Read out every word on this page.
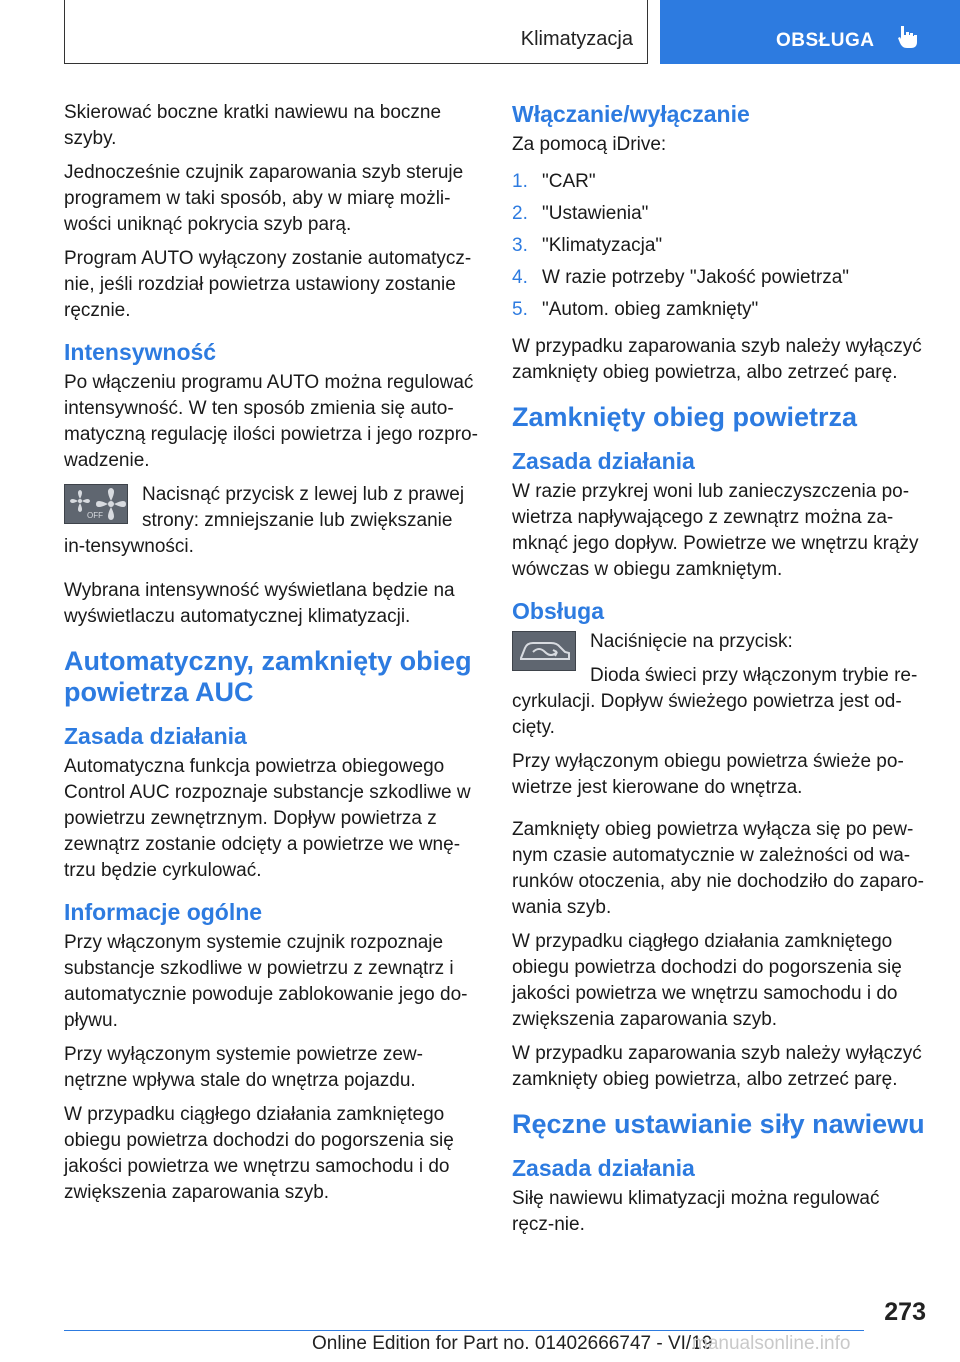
Klimatyzacja	OBSŁUGA

Skierować boczne kratki nawiewu na boczne szyby.

Jednocześnie czujnik zaparowania szyb steruje programem w taki sposób, aby w miarę możli-wości uniknąć pokrycia szyb parą.

Program AUTO wyłączony zostanie automatycz-nie, jeśli rozdział powietrza ustawiony zostanie ręcznie.

Intensywność

Po włączeniu programu AUTO można regulować intensywność. W ten sposób zmienia się auto-matyczną regulację ilości powietrza i jego rozpro-wadzenie.

OFF

Nacisnąć przycisk z lewej lub z prawej strony: zmniejszanie lub zwiększanie in-tensywności.

Wybrana intensywność wyświetlana będzie na wyświetlaczu automatycznej klimatyzacji.

Automatyczny, zamknięty obieg powietrza AUC
Zasada działania

Automatyczna funkcja powietrza obiegowego Control AUC rozpoznaje substancje szkodliwe w powietrzu zewnętrznym. Dopływ powietrza z zewnątrz zostanie odcięty a powietrze we wnę-trzu będzie cyrkulować.

Informacje ogólne

Przy włączonym systemie czujnik rozpoznaje substancje szkodliwe w powietrzu z zewnątrz i automatycznie powoduje zablokowanie jego do-pływu.

Przy wyłączonym systemie powietrze zew-nętrzne wpływa stale do wnętrza pojazdu.

W przypadku ciągłego działania zamkniętego obiegu powietrza dochodzi do pogorszenia się jakości powietrza we wnętrzu samochodu i do zwiększenia zaparowania szyb.

Włączanie/wyłączanie

Za pomocą iDrive:

1. "CAR"
2. "Ustawienia"
3. "Klimatyzacja"
4. W razie potrzeby "Jakość powietrza"
5. "Autom. obieg zamknięty"

W przypadku zaparowania szyb należy wyłączyć zamknięty obieg powietrza, albo zetrzeć parę.

Zamknięty obieg powietrza
Zasada działania

W razie przykrej woni lub zanieczyszczenia po-wietrza napływającego z zewnątrz można za-mknąć jego dopływ. Powietrze we wnętrzu krąży wówczas w obiegu zamkniętym.

Obsługa

Naciśnięcie na przycisk:

Dioda świeci przy włączonym trybie re-cyrkulacji. Dopływ świeżego powietrza jest od-cięty.

Przy wyłączonym obiegu powietrza świeże po-wietrze jest kierowane do wnętrza.

Zamknięty obieg powietrza wyłącza się po pew-nym czasie automatycznie w zależności od wa-runków otoczenia, aby nie dochodziło do zaparo-wania szyb.

W przypadku ciągłego działania zamkniętego obiegu powietrza dochodzi do pogorszenia się jakości powietrza we wnętrzu samochodu i do zwiększenia zaparowania szyb.

W przypadku zaparowania szyb należy wyłączyć zamknięty obieg powietrza, albo zetrzeć parę.

Ręczne ustawianie siły nawiewu
Zasada działania

Siłę nawiewu klimatyzacji można regulować ręcz-nie.

273
Online Edition for Part no. 01402666747 - VI/19
manualsonline.info
